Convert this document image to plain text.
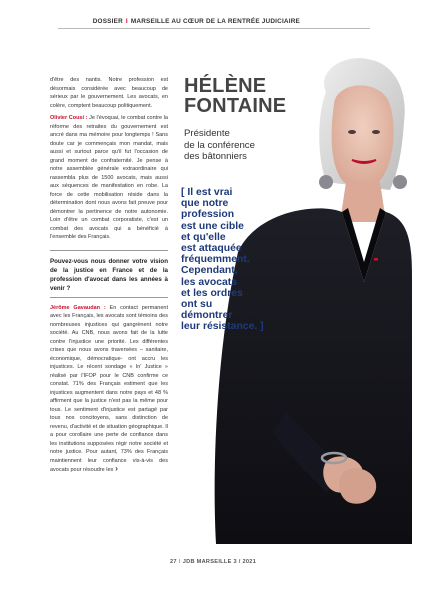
DOSSIER I MARSEILLE AU CŒUR DE LA RENTRÉE JUDICIAIRE
HÉLÈNE
FONTAINE
Présidente
de la conférence
des bâtonniers
[ Il est vrai
que notre
profession
est une cible
et qu'elle
est attaquée
fréquemment.
Cependant,
les avocats
et les ordres
ont su
démontrer
leur résistance. ]

d'être des nantis. Notre profession est désormais considérée avec beaucoup de sérieux par le gouvernement. Les avocats, en colère, comptent beaucoup politiquement.

Olivier Cousi : Je l'évoquai, le combat contre la réforme des retraites du gouvernement est ancré dans ma mémoire pour longtemps ! Sans doute car je commençais mon mandat, mais aussi et surtout parce qu'il fut l'occasion de grand moment de confraternité. Je pense à notre assemblée générale extraordinaire qui rassembla plus de 1500 avocats, mais aussi aux séquences de manifestation en robe. La force de cette mobilisation réside dans la détermination dont nous avons fait preuve pour démontrer la pertinence de notre autonomie. Loin d'être un combat corporatiste, c'est un combat des avocats qui a bénéficié à l'ensemble des Français.

Pouvez-vous nous donner votre vision de la justice en France et de la profession d'avocat dans les années à venir ?

Jérôme Gavaudan : En contact permanent avec les Français, les avocats sont témoins des nombreuses injustices qui gangrènent notre société. Au CNB, nous avons fait de la lutte contre l'injustice une priorité. Les différentes crises que nous avons traversées – sanitaire, économique, démocratique- ont accru les injustices. Le récent sondage « In' Justice » réalisé par l'IFOP pour le CNB confirme ce constat. 71% des Français estiment que les injustices augmentent dans notre pays et 48 % affirment que la justice n'est pas la même pour tous. Le sentiment d'injustice est partagé par tous nos concitoyens, sans distinction de revenu, d'activité et de situation géographique. Il a pour corollaire une perte de confiance dans les institutions supposées régir notre société et notre justice. Pour autant, 73% des Français maintiennent leur confiance vis-à-vis des avocats pour résoudre les ›

27 I JDB MARSEILLE 3 / 2021
